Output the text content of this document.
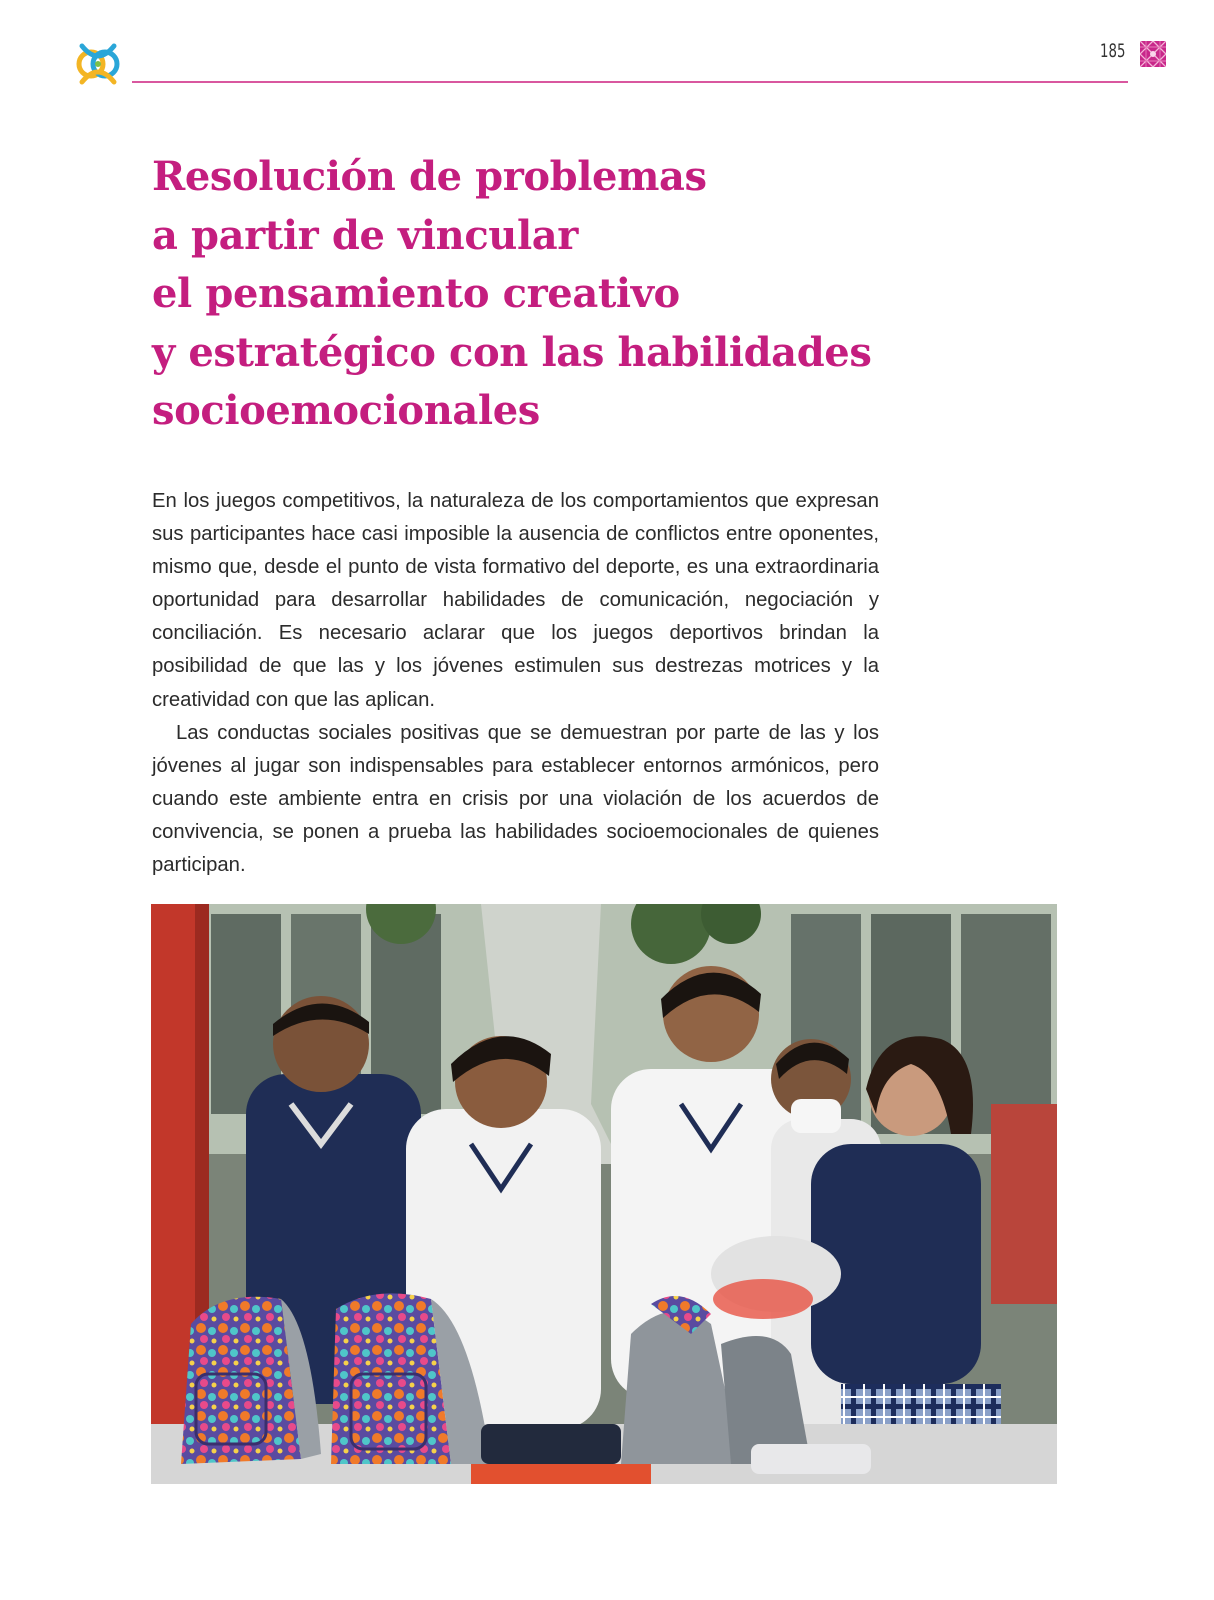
185
Resolución de problemas
a partir de vincular
el pensamiento creativo
y estratégico con las habilidades
socioemocionales

En los juegos competitivos, la naturaleza de los comportamientos que expresan sus participantes hace casi imposible la ausencia de conflictos entre oponentes, mismo que, desde el punto de vista formativo del deporte, es una extraordinaria oportunidad para desarrollar habilidades de comunicación, negociación y conciliación. Es necesario aclarar que los juegos deportivos brindan la posibilidad de que las y los jóvenes estimulen sus destrezas motrices y la creatividad con que las aplican.

Las conductas sociales positivas que se demuestran por parte de las y los jóvenes al jugar son indispensables para establecer entornos armónicos, pero cuando este ambiente entra en crisis por una violación de los acuerdos de convivencia, se ponen a prueba las habilidades socioemocionales de quienes participan.
